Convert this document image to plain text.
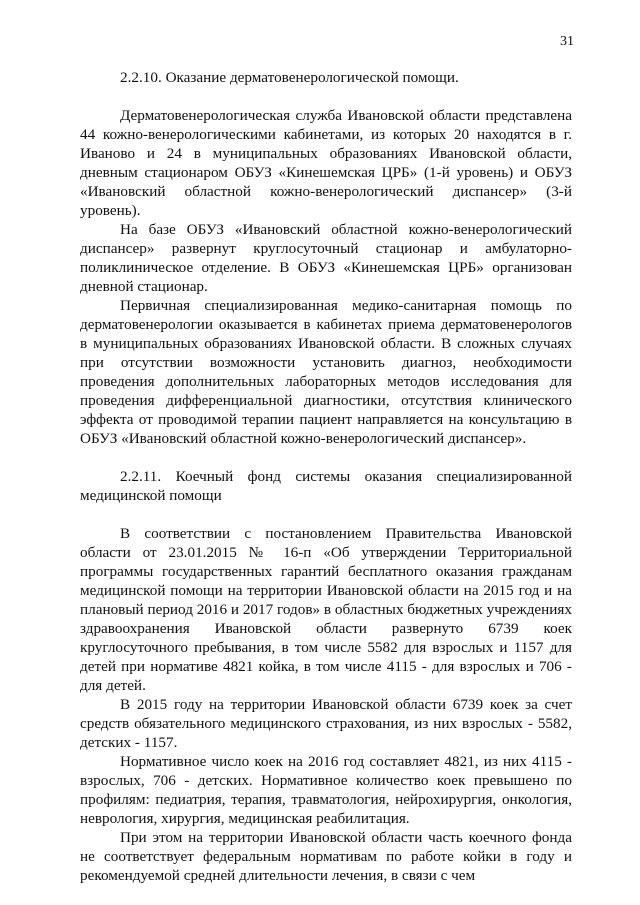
31

2.2.10. Оказание дерматовенерологической помощи.

Дерматовенерологическая служба Ивановской области представлена 44 кожно-венерологическими кабинетами, из которых 20 находятся в г. Иваново и 24 в муниципальных образованиях Ивановской области, дневным стационаром ОБУЗ «Кинешемская ЦРБ» (1-й уровень) и ОБУЗ «Ивановский областной кожно-венерологический диспансер» (3-й уровень).

На базе ОБУЗ «Ивановский областной кожно-венерологический диспансер» развернут круглосуточный стационар и амбулаторно-поликлиническое отделение. В ОБУЗ «Кинешемская ЦРБ» организован дневной стационар.

Первичная специализированная медико-санитарная помощь по дерматовенерологии оказывается в кабинетах приема дерматовенерологов в муниципальных образованиях Ивановской области. В сложных случаях при отсутствии возможности установить диагноз, необходимости проведения дополнительных лабораторных методов исследования для проведения дифференциальной диагностики, отсутствия клинического эффекта от проводимой терапии пациент направляется на консультацию в ОБУЗ «Ивановский областной кожно-венерологический диспансер».

2.2.11. Коечный фонд системы оказания специализированной медицинской помощи

В соответствии с постановлением Правительства Ивановской области от 23.01.2015 № 16-п «Об утверждении Территориальной программы государственных гарантий бесплатного оказания гражданам медицинской помощи на территории Ивановской области на 2015 год и на плановый период 2016 и 2017 годов» в областных бюджетных учреждениях здравоохранения Ивановской области развернуто 6739 коек круглосуточного пребывания, в том числе 5582 для взрослых и 1157 для детей при нормативе 4821 койка, в том числе 4115 - для взрослых и 706 - для детей.

В 2015 году на территории Ивановской области 6739 коек за счет средств обязательного медицинского страхования, из них взрослых - 5582, детских - 1157.

Нормативное число коек на 2016 год составляет 4821, из них 4115 - взрослых, 706 - детских. Нормативное количество коек превышено по профилям: педиатрия, терапия, травматология, нейрохирургия, онкология, неврология, хирургия, медицинская реабилитация.

При этом на территории Ивановской области часть коечного фонда не соответствует федеральным нормативам по работе койки в году и рекомендуемой средней длительности лечения, в связи с чем
